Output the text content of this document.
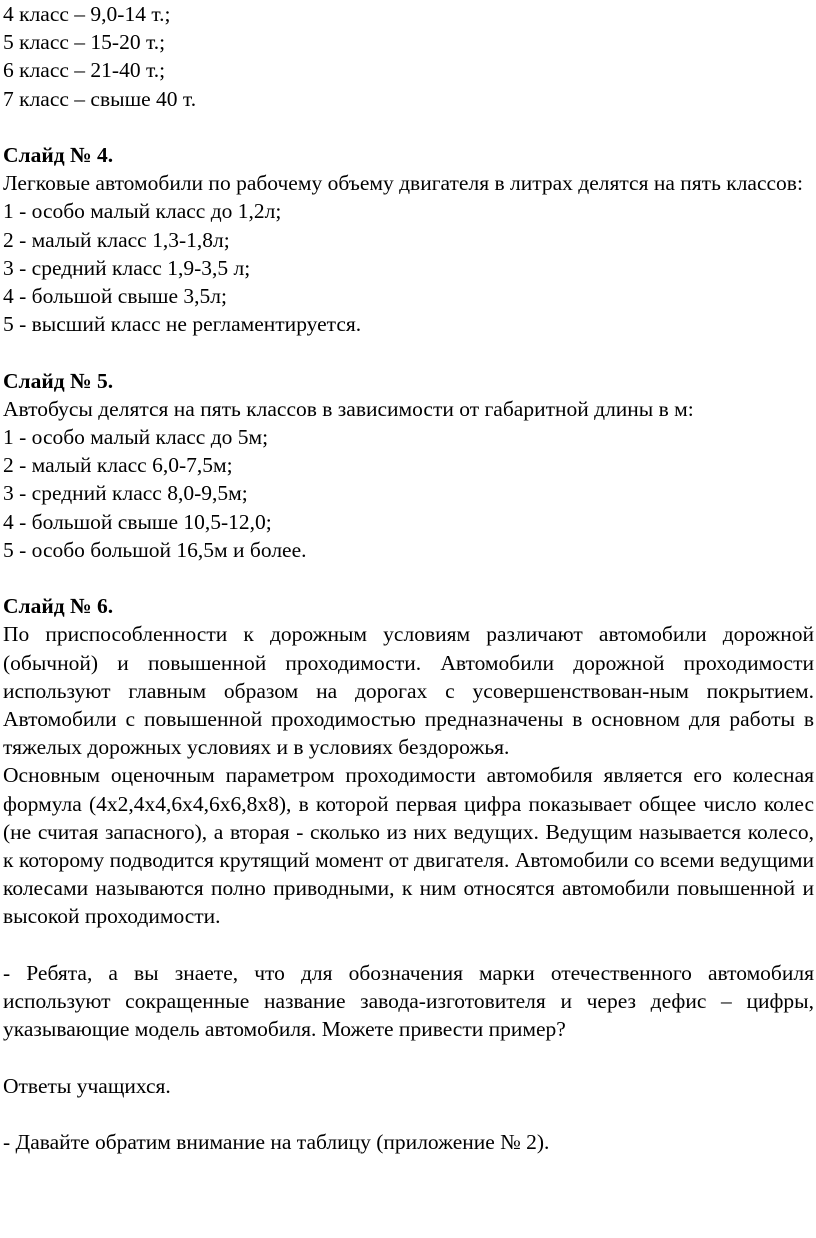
4 класс – 9,0-14 т.;

5 класс – 15-20 т.;

6 класс – 21-40 т.;

7 класс – свыше 40 т.

Слайд № 4.

Легковые автомобили по рабочему объему двигателя в литрах делятся на пять классов:

1 - особо малый класс до 1,2л;

2 - малый класс 1,3-1,8л;

3 - средний класс 1,9-3,5 л;

4 - большой свыше 3,5л;

5 - высший класс не регламентируется.

Слайд № 5.

Автобусы делятся на пять классов в зависимости от габаритной длины в м:

1 - особо малый класс до 5м;

2 - малый класс 6,0-7,5м;

3 - средний класс 8,0-9,5м;

4 - большой свыше 10,5-12,0;

5 - особо большой 16,5м и более.

Слайд № 6.

По приспособленности к дорожным условиям различают автомобили дорожной (обычной) и повышенной проходимости. Автомобили дорожной проходимости используют главным образом на дорогах с усовершенствован-ным покрытием. Автомобили с повышенной проходимостью предназначены в основном для работы в тяжелых дорожных условиях и в условиях бездорожья.

Основным оценочным параметром проходимости автомобиля является его колесная формула (4х2,4х4,6х4,6х6,8х8), в которой первая цифра показывает общее число колес (не считая запасного), а вторая - сколько из них ведущих. Ведущим называется колесо, к которому подводится крутящий момент от двигателя. Автомобили со всеми ведущими колесами называются полно приводными, к ним относятся автомобили повышенной и высокой проходимости.

- Ребята, а вы знаете, что для обозначения марки отечественного автомобиля используют сокращенные название завода-изготовителя и через дефис – цифры, указывающие модель автомобиля. Можете привести пример?

Ответы учащихся.

- Давайте обратим внимание на таблицу (приложение № 2).
